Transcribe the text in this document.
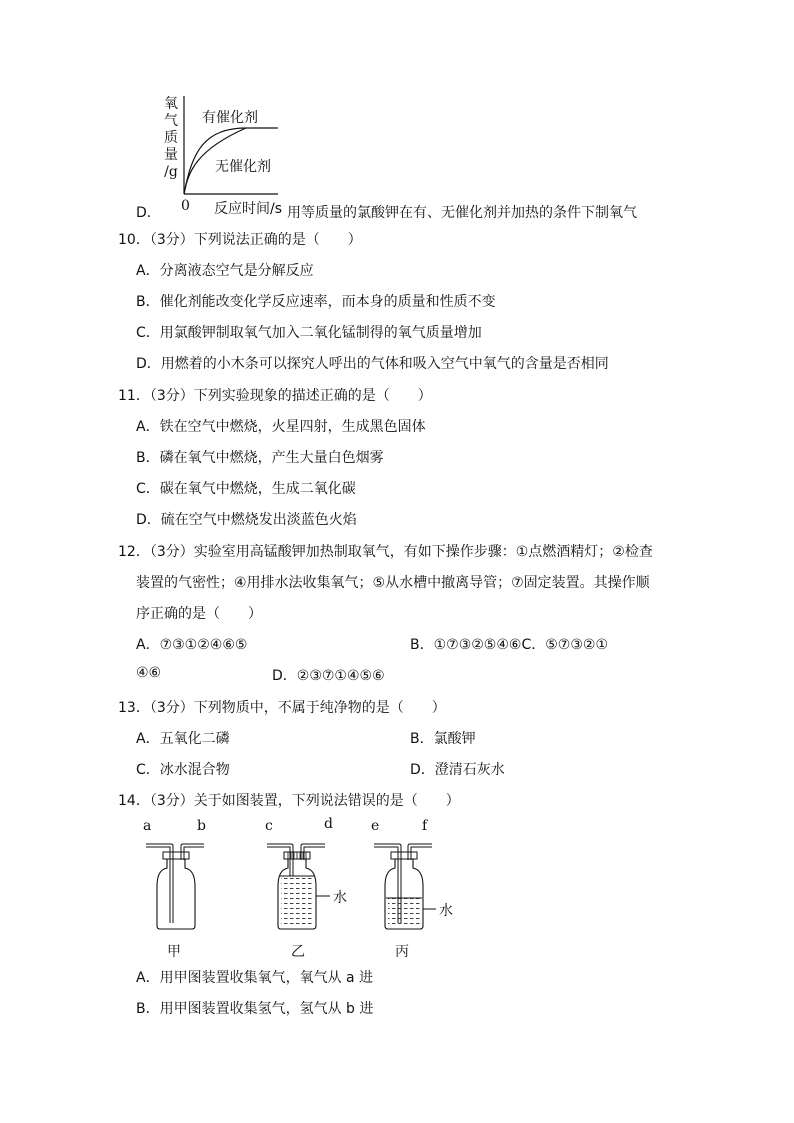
氧
气
质
量
/g
有催化剂
无催化剂
D． 0 反应时间/s 用等质量的氯酸钾在有、无催化剂并加热的条件下制氧气
10．（3分）下列说法正确的是（　　）
A．分离液态空气是分解反应
B．催化剂能改变化学反应速率，而本身的质量和性质不变
C．用氯酸钾制取氧气加入二氧化锰制得的氧气质量增加
D．用燃着的小木条可以探究人呼出的气体和吸入空气中氧气的含量是否相同
11．（3分）下列实验现象的描述正确的是（　　）
A．铁在空气中燃烧，火星四射，生成黑色固体
B．磷在氧气中燃烧，产生大量白色烟雾
C．碳在氧气中燃烧，生成二氧化碳
D．硫在空气中燃烧发出淡蓝色火焰
12．（3分）实验室用高锰酸钾加热制取氧气，有如下操作步骤：①点燃酒精灯；②检查
装置的气密性；④用排水法收集氧气；⑤从水槽中撤离导管；⑦固定装置。其操作顺
序正确的是（　　）
A．⑦③①②④⑥⑤	B．①⑦③②⑤④⑥C．⑤⑦③②①
④⑥	D．②③⑦①④⑤⑥
13．（3分）下列物质中，不属于纯净物的是（　　）
A．五氧化二磷	B．氯酸钾
C．冰水混合物	D．澄清石灰水
14．（3分）关于如图装置，下列说法错误的是（　　）
a	b	c	d	e	f
水
水
甲	乙	丙
A．用甲图装置收集氧气，氧气从 a 进
B．用甲图装置收集氢气，氢气从 b 进
